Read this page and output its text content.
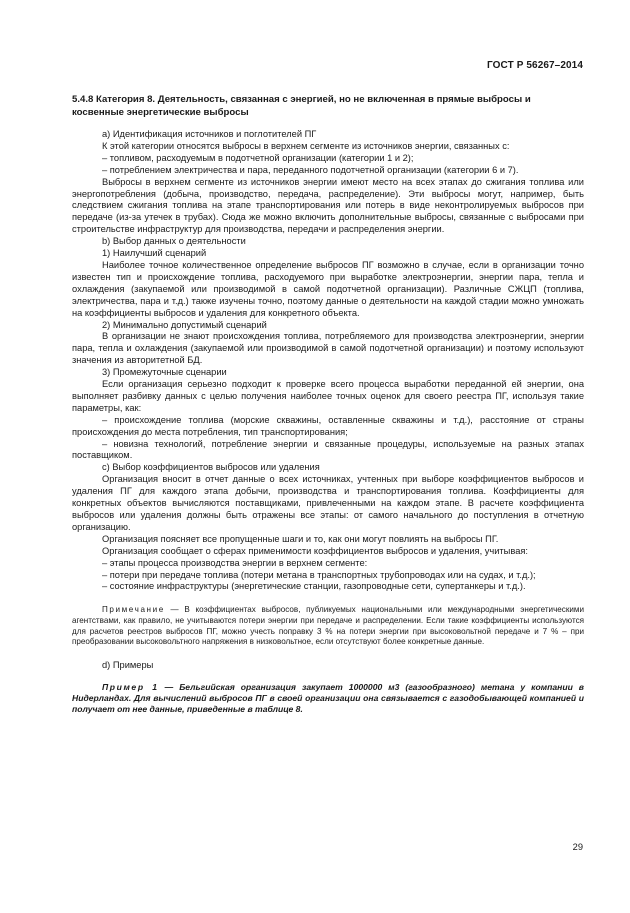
ГОСТ Р 56267–2014

5.4.8 Категория 8. Деятельность, связанная с энергией, но не включенная в прямые выбросы и косвенные энергетические выбросы

a) Идентификация источников и поглотителей ПГ

К этой категории относятся выбросы в верхнем сегменте из источников энергии, связанных с:

– топливом, расходуемым в подотчетной организации (категории 1 и 2);

– потреблением электричества и пара, переданного подотчетной организации (категории 6 и 7).

Выбросы в верхнем сегменте из источников энергии имеют место на всех этапах до сжигания топлива или энергопотребления (добыча, производство, передача, распределение). Эти выбросы могут, например, быть следствием сжигания топлива на этапе транспортирования или потерь в виде неконтролируемых выбросов при передаче (из-за утечек в трубах). Сюда же можно включить дополнительные выбросы, связанные с выбросами при строительстве инфраструктур для производства, передачи и распределения энергии.

b) Выбор данных о деятельности

1) Наилучший сценарий

Наиболее точное количественное определение выбросов ПГ возможно в случае, если в организации точно известен тип и происхождение топлива, расходуемого при выработке электроэнергии, энергии пара, тепла и охлаждения (закупаемой или производимой в самой подотчетной организации). Различные СЖЦП (топлива, электричества, пара и т.д.) также изучены точно, поэтому данные о деятельности на каждой стадии можно умножать на коэффициенты выбросов и удаления для конкретного объекта.

2) Минимально допустимый сценарий

В организации не знают происхождения топлива, потребляемого для производства электроэнергии, энергии пара, тепла и охлаждения (закупаемой или производимой в самой подотчетной организации) и поэтому используют значения из авторитетной БД.

3) Промежуточные сценарии

Если организация серьезно подходит к проверке всего процесса выработки переданной ей энергии, она выполняет разбивку данных с целью получения наиболее точных оценок для своего реестра ПГ, используя такие параметры, как:

– происхождение топлива (морские скважины, оставленные скважины и т.д.), расстояние от страны происхождения до места потребления, тип транспортирования;

– новизна технологий, потребление энергии и связанные процедуры, используемые на разных этапах поставщиком.

c) Выбор коэффициентов выбросов или удаления

Организация вносит в отчет данные о всех источниках, учтенных при выборе коэффициентов выбросов и удаления ПГ для каждого этапа добычи, производства и транспортирования топлива. Коэффициенты для конкретных объектов вычисляются поставщиками, привлеченными на каждом этапе. В расчете коэффициента выбросов или удаления должны быть отражены все этапы: от самого начального до поступления в отчетную организацию.

Организация поясняет все пропущенные шаги и то, как они могут повлиять на выбросы ПГ.

Организация сообщает о сферах применимости коэффициентов выбросов и удаления, учитывая:

– этапы процесса производства энергии в верхнем сегменте:

– потери при передаче топлива (потери метана в транспортных трубопроводах или на судах, и т.д.);

– состояние инфраструктуры (энергетические станции, газопроводные сети, супертанкеры и т.д.).

Примечание — В коэффициентах выбросов, публикуемых национальными или международными энергетическими агентствами, как правило, не учитываются потери энергии при передаче и распределении. Если такие коэффициенты используются для расчетов реестров выбросов ПГ, можно учесть поправку 3 % на потери энергии при высоковольтной передаче и 7 % – при преобразовании высоковольтного напряжения в низковольтное, если отсутствуют более конкретные данные.

d) Примеры

Пример 1 — Бельгийская организация закупает 1000000 м3 (газообразного) метана у компании в Нидерландах. Для вычислений выбросов ПГ в своей организации она связывается с газодобывающей компанией и получает от нее данные, приведенные в таблице 8.

29
